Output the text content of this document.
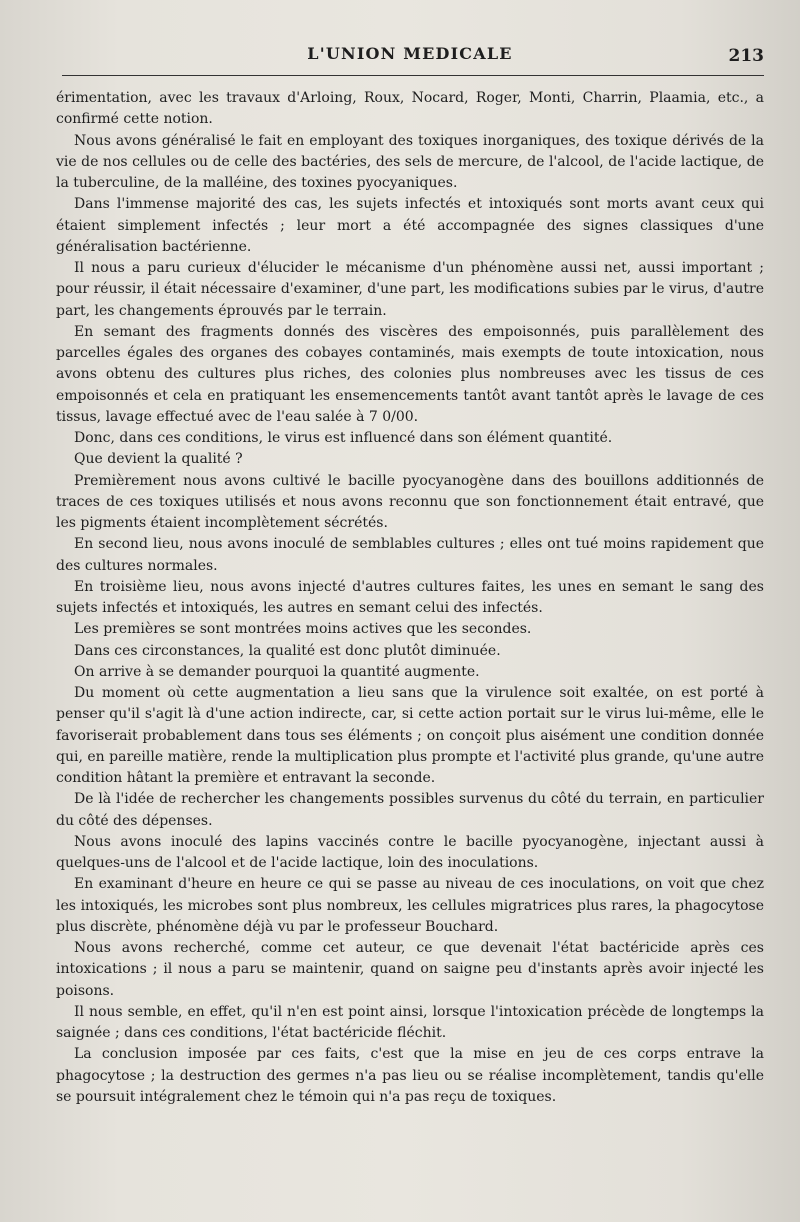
L'UNION MEDICALE	213

érimentation, avec les travaux d'Arloing, Roux, Nocard, Roger, Monti, Charrin, Plaamia, etc., a confirmé cette notion.

Nous avons généralisé le fait en employant des toxiques inorganiques, des toxique dérivés de la vie de nos cellules ou de celle des bactéries, des sels de mercure, de l'alcool, de l'acide lactique, de la tuberculine, de la malléine, des toxines pyocyaniques.

Dans l'immense majorité des cas, les sujets infectés et intoxiqués sont morts avant ceux qui étaient simplement infectés ; leur mort a été accompagnée des signes classiques d'une généralisation bactérienne.

Il nous a paru curieux d'élucider le mécanisme d'un phénomène aussi net, aussi important ; pour réussir, il était nécessaire d'examiner, d'une part, les modifications subies par le virus, d'autre part, les changements éprouvés par le terrain.

En semant des fragments donnés des viscères des empoisonnés, puis parallèlement des parcelles égales des organes des cobayes contaminés, mais exempts de toute intoxication, nous avons obtenu des cultures plus riches, des colonies plus nombreuses avec les tissus de ces empoisonnés et cela en pratiquant les ensemencements tantôt avant tantôt après le lavage de ces tissus, lavage effectué avec de l'eau salée à 7 0/00.

Donc, dans ces conditions, le virus est influencé dans son élément quantité.

Que devient la qualité ?

Premièrement nous avons cultivé le bacille pyocyanogène dans des bouillons additionnés de traces de ces toxiques utilisés et nous avons reconnu que son fonctionnement était entravé, que les pigments étaient incomplètement sécrétés.

En second lieu, nous avons inoculé de semblables cultures ; elles ont tué moins rapidement que des cultures normales.

En troisième lieu, nous avons injecté d'autres cultures faites, les unes en semant le sang des sujets infectés et intoxiqués, les autres en semant celui des infectés.

Les premières se sont montrées moins actives que les secondes.

Dans ces circonstances, la qualité est donc plutôt diminuée.

On arrive à se demander pourquoi la quantité augmente.

Du moment où cette augmentation a lieu sans que la virulence soit exaltée, on est porté à penser qu'il s'agit là d'une action indirecte, car, si cette action portait sur le virus lui-même, elle le favoriserait probablement dans tous ses éléments ; on conçoit plus aisément une condition donnée qui, en pareille matière, rende la multiplication plus prompte et l'activité plus grande, qu'une autre condition hâtant la première et entravant la seconde.

De là l'idée de rechercher les changements possibles survenus du côté du terrain, en particulier du côté des dépenses.

Nous avons inoculé des lapins vaccinés contre le bacille pyocyanogène, injectant aussi à quelques-uns de l'alcool et de l'acide lactique, loin des inoculations.

En examinant d'heure en heure ce qui se passe au niveau de ces inoculations, on voit que chez les intoxiqués, les microbes sont plus nombreux, les cellules migratrices plus rares, la phagocytose plus discrète, phénomène déjà vu par le professeur Bouchard.

Nous avons recherché, comme cet auteur, ce que devenait l'état bactéricide après ces intoxications ; il nous a paru se maintenir, quand on saigne peu d'instants après avoir injecté les poisons.

Il nous semble, en effet, qu'il n'en est point ainsi, lorsque l'intoxication précède de longtemps la saignée ; dans ces conditions, l'état bactéricide fléchit.

La conclusion imposée par ces faits, c'est que la mise en jeu de ces corps entrave la phagocytose ; la destruction des germes n'a pas lieu ou se réalise incomplètement, tandis qu'elle se poursuit intégralement chez le témoin qui n'a pas reçu de toxiques.
